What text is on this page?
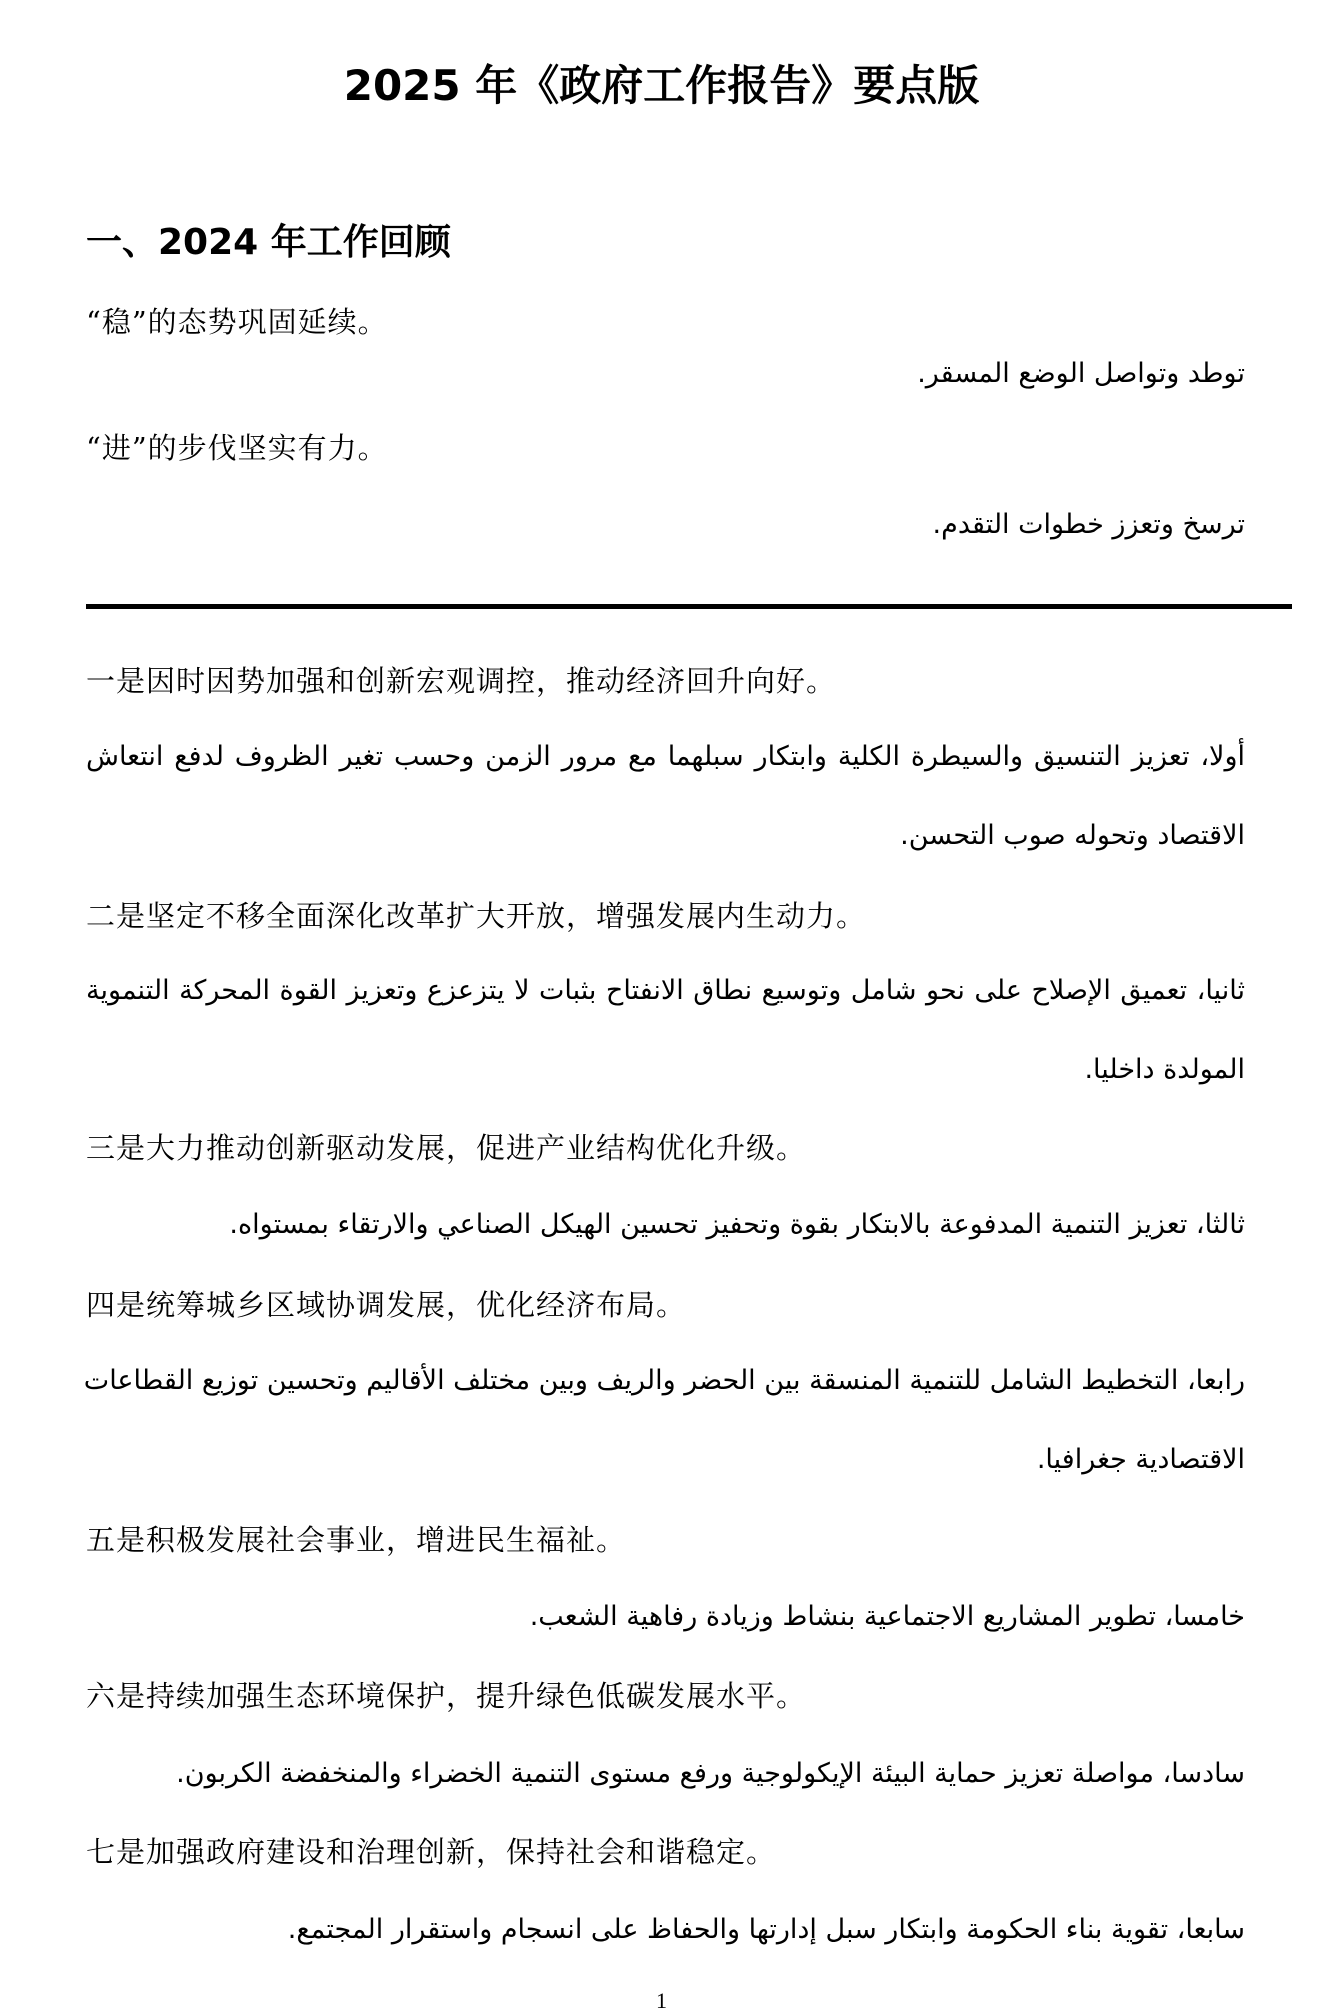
2025 年《政府工作报告》要点版
一、2024 年工作回顾
“稳”的态势巩固延续。
توطد وتواصل الوضع المسقر.
“进”的步伐坚实有力。
ترسخ وتعزز خطوات التقدم.
一是因时因势加强和创新宏观调控，推动经济回升向好。
أولا، تعزيز التنسيق والسيطرة الكلية وابتكار سبلهما مع مرور الزمن وحسب تغير الظروف لدفع انتعاش
الاقتصاد وتحوله صوب التحسن.
二是坚定不移全面深化改革扩大开放，增强发展内生动力。
ثانيا، تعميق الإصلاح على نحو شامل وتوسيع نطاق الانفتاح بثبات لا يتزعزع وتعزيز القوة المحركة التنموية
المولدة داخليا.
三是大力推动创新驱动发展，促进产业结构优化升级。
ثالثا، تعزيز التنمية المدفوعة بالابتكار بقوة وتحفيز تحسين الهيكل الصناعي والارتقاء بمستواه.
四是统筹城乡区域协调发展，优化经济布局。
رابعا، التخطيط الشامل للتنمية المنسقة بين الحضر والريف وبين مختلف الأقاليم وتحسين توزيع القطاعات
الاقتصادية جغرافيا.
五是积极发展社会事业，增进民生福祉。
خامسا، تطوير المشاريع الاجتماعية بنشاط وزيادة رفاهية الشعب.
六是持续加强生态环境保护，提升绿色低碳发展水平。
سادسا، مواصلة تعزيز حماية البيئة الإيكولوجية ورفع مستوى التنمية الخضراء والمنخفضة الكربون.
七是加强政府建设和治理创新，保持社会和谐稳定。
سابعا، تقوية بناء الحكومة وابتكار سبل إدارتها والحفاظ على انسجام واستقرار المجتمع.
1
